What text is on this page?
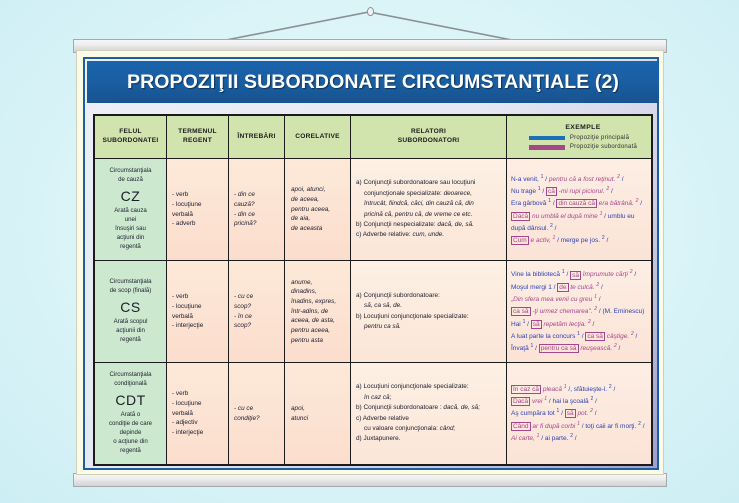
PROPOZIŢII SUBORDONATE CIRCUMSTANŢIALE (2)
FELUL
SUBORDONATEI
TERMENUL
REGENT
ÎNTREBĂRI	CORELATIVE
RELATORI
SUBORDONATORI
EXEMPLE
Propoziţie principală
Propoziţie subordonată
Circumstanţiala
de cauză
CZ
Arată cauza
unei
însuşiri sau
acţiuni din
regentă
- verb
- locuţiune
verbală
- adverb
- din ce
cauză?
- din ce
pricină?
apoi, atunci,
de aceea,
pentru aceea,
de aia,
de aceasta
a) Conjuncţii subordonatoare sau locuţiuni
conjuncţionale specializate: deoarece,
întrucât, fiindcă, căci, din cauză că, din
pricină că, pentru că, de vreme ce etc.
b) Conjuncţii nespecializate: dacă, de, să.
c) Adverbe relative: cum, unde.
N-a venit, $^1$ / pentru că a fost reţinut. $^2$ /
Nu trage $^1$ / că -mi rupi piciorul. $^2$ /
Era gârbovă $^1$ / din cauză că era bătrână. $^2$ /
Dacă nu umblă el după mine $^1$ / umblu eu
după dânsul. $^2$ /
Cum e activ, $^1$ / merge pe jos. $^2$ /
Circumstanţiala
de scop (finală)
CS
Arată scopul
acţiunii din
regentă
- verb
- locuţiune
verbală
- interjecţie
- cu ce
scop?
- în ce
scop?
anume,
dinadins,
înadins, expres,
într-adins, de
aceea, de asta,
pentru aceea,
pentru asta
a) Conjuncţii subordonatoare:
să, ca să, de.
b) Locuţiuni conjuncţionale specializate:
pentru ca să.
Vine la bibliotecă $^1$ / să împrumute cărţi $^2$ /
Moşul mergi 1 / de te culcă. $^2$ /
„Din sfera mea venii cu greu $^1$ /
ca să -ţi urmez chemarea". $^2$ / (M. Eminescu)
Hai $^1$ / să repetăm lecţia. $^2$ /
A luat parte la concurs $^1$ / ca să câştige. $^2$ /
Învaţă $^1$ / pentru ca să reuşească. $^2$ /
Circumstanţiala
condiţională
CDT
Arată o
condiţie de care
depinde
o acţiune din
regentă
- verb
- locuţiune
verbală
- adjectiv
- interjecţie
- cu ce
condiţie?
apoi,
atunci
a) Locuţiuni conjuncţionale specializate:
în caz că;
b) Conjuncţii subordonatoare : dacă, de, să;
c) Adverbe relative
cu valoare conjuncţionala: când;
d) Juxtapunere.
În caz că pleacă $^1$ /, sfătuieşte-l. $^2$ /
Dacă vrei $^1$ / hai la şcoală $^2$ /
Aş cumpăra tot $^1$ / să pot. $^2$ /
Când ar fi după corbi $^1$ / toţi caii ar fi morţi. $^2$ /
Ai carte, $^1$ / ai parte. $^2$ /
